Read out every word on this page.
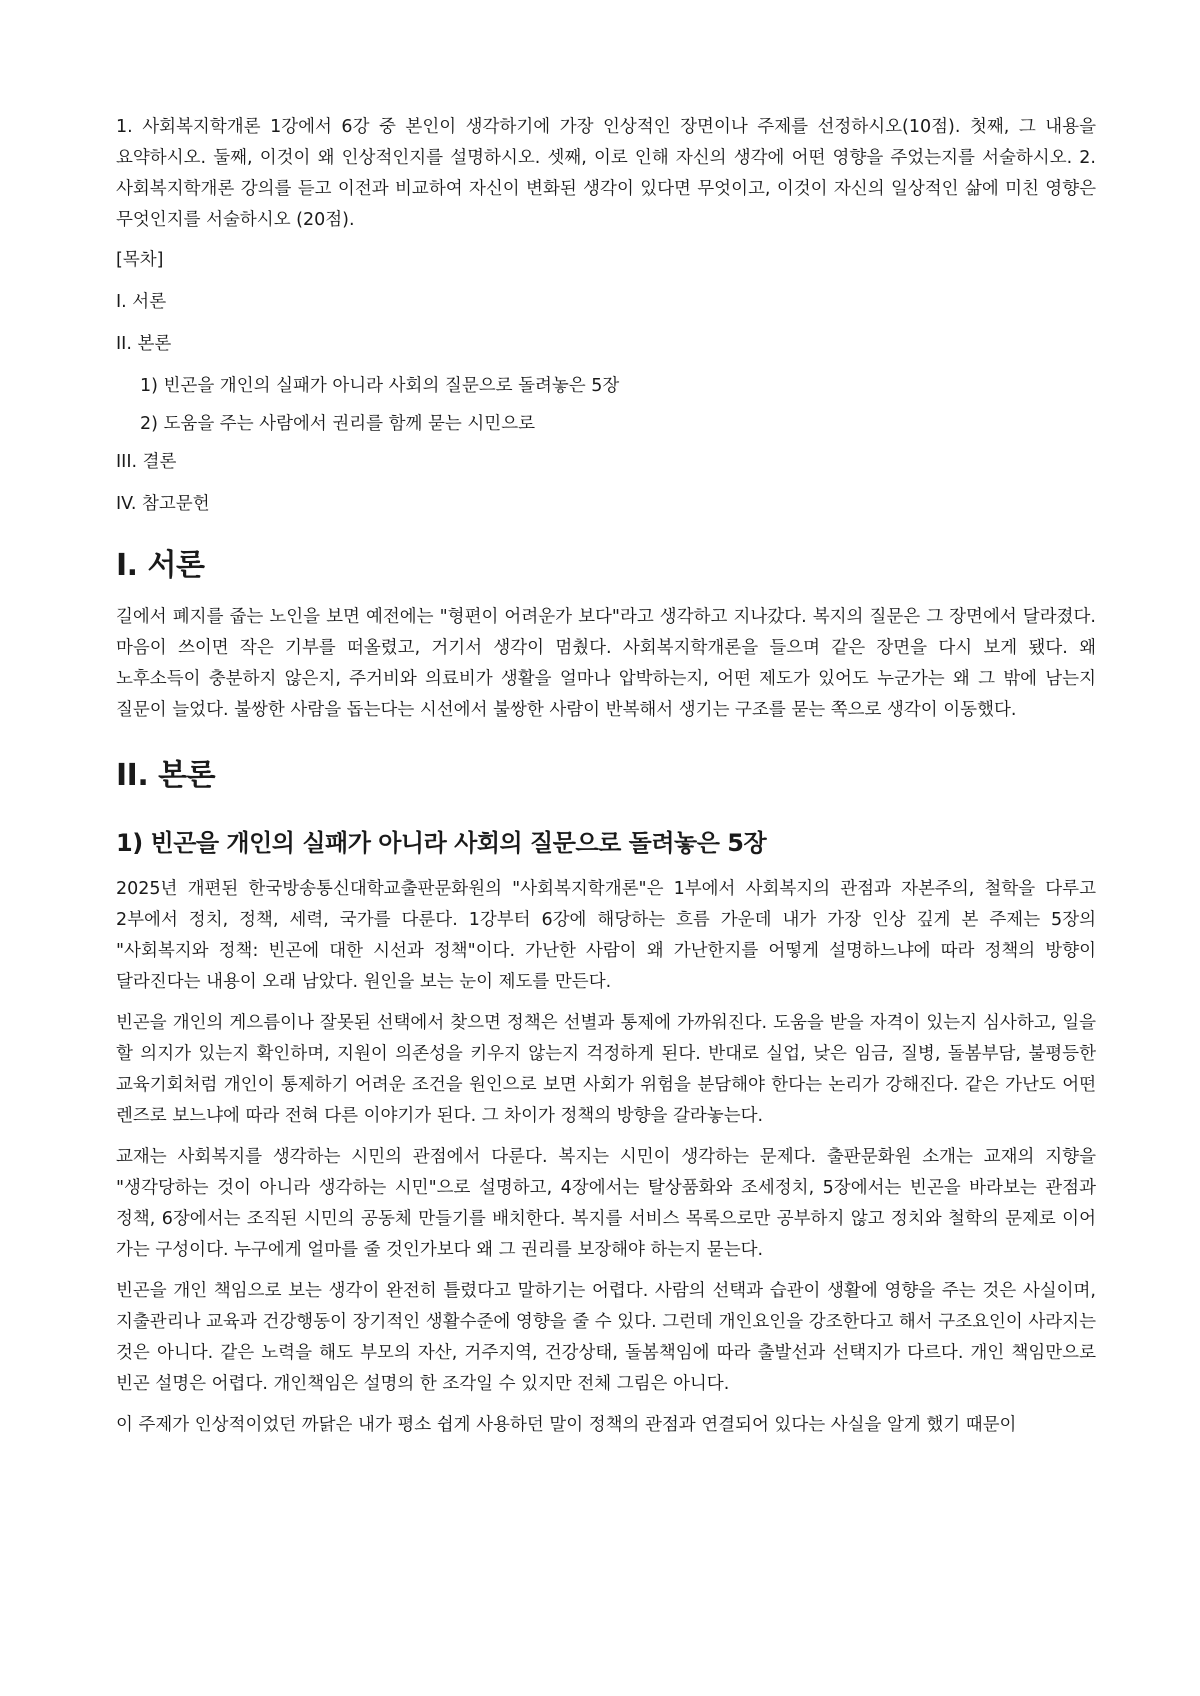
1. 사회복지학개론 1강에서 6강 중 본인이 생각하기에 가장 인상적인 장면이나 주제를 선정하시오(10점). 첫째, 그 내용을 요약하시오. 둘째, 이것이 왜 인상적인지를 설명하시오. 셋째, 이로 인해 자신의 생각에 어떤 영향을 주었는지를 서술하시오. 2. 사회복지학개론 강의를 듣고 이전과 비교하여 자신이 변화된 생각이 있다면 무엇이고, 이것이 자신의 일상적인 삶에 미친 영향은 무엇인지를 서술하시오 (20점).

[목차]

I. 서론

II. 본론

1) 빈곤을 개인의 실패가 아니라 사회의 질문으로 돌려놓은 5장

2) 도움을 주는 사람에서 권리를 함께 묻는 시민으로

III. 결론

IV. 참고문헌

I. 서론

길에서 폐지를 줍는 노인을 보면 예전에는 "형편이 어려운가 보다"라고 생각하고 지나갔다. 복지의 질문은 그 장면에서 달라졌다. 마음이 쓰이면 작은 기부를 떠올렸고, 거기서 생각이 멈췄다. 사회복지학개론을 들으며 같은 장면을 다시 보게 됐다. 왜 노후소득이 충분하지 않은지, 주거비와 의료비가 생활을 얼마나 압박하는지, 어떤 제도가 있어도 누군가는 왜 그 밖에 남는지 질문이 늘었다. 불쌍한 사람을 돕는다는 시선에서 불쌍한 사람이 반복해서 생기는 구조를 묻는 쪽으로 생각이 이동했다.

II. 본론
1) 빈곤을 개인의 실패가 아니라 사회의 질문으로 돌려놓은 5장

2025년 개편된 한국방송통신대학교출판문화원의 "사회복지학개론"은 1부에서 사회복지의 관점과 자본주의, 철학을 다루고 2부에서 정치, 정책, 세력, 국가를 다룬다. 1강부터 6강에 해당하는 흐름 가운데 내가 가장 인상 깊게 본 주제는 5장의 "사회복지와 정책: 빈곤에 대한 시선과 정책"이다. 가난한 사람이 왜 가난한지를 어떻게 설명하느냐에 따라 정책의 방향이 달라진다는 내용이 오래 남았다. 원인을 보는 눈이 제도를 만든다.

빈곤을 개인의 게으름이나 잘못된 선택에서 찾으면 정책은 선별과 통제에 가까워진다. 도움을 받을 자격이 있는지 심사하고, 일을 할 의지가 있는지 확인하며, 지원이 의존성을 키우지 않는지 걱정하게 된다. 반대로 실업, 낮은 임금, 질병, 돌봄부담, 불평등한 교육기회처럼 개인이 통제하기 어려운 조건을 원인으로 보면 사회가 위험을 분담해야 한다는 논리가 강해진다. 같은 가난도 어떤 렌즈로 보느냐에 따라 전혀 다른 이야기가 된다. 그 차이가 정책의 방향을 갈라놓는다.

교재는 사회복지를 생각하는 시민의 관점에서 다룬다. 복지는 시민이 생각하는 문제다. 출판문화원 소개는 교재의 지향을 "생각당하는 것이 아니라 생각하는 시민"으로 설명하고, 4장에서는 탈상품화와 조세정치, 5장에서는 빈곤을 바라보는 관점과 정책, 6장에서는 조직된 시민의 공동체 만들기를 배치한다. 복지를 서비스 목록으로만 공부하지 않고 정치와 철학의 문제로 이어 가는 구성이다. 누구에게 얼마를 줄 것인가보다 왜 그 권리를 보장해야 하는지 묻는다.

빈곤을 개인 책임으로 보는 생각이 완전히 틀렸다고 말하기는 어렵다. 사람의 선택과 습관이 생활에 영향을 주는 것은 사실이며, 지출관리나 교육과 건강행동이 장기적인 생활수준에 영향을 줄 수 있다. 그런데 개인요인을 강조한다고 해서 구조요인이 사라지는 것은 아니다. 같은 노력을 해도 부모의 자산, 거주지역, 건강상태, 돌봄책임에 따라 출발선과 선택지가 다르다. 개인 책임만으로 빈곤 설명은 어렵다. 개인책임은 설명의 한 조각일 수 있지만 전체 그림은 아니다.

이 주제가 인상적이었던 까닭은 내가 평소 쉽게 사용하던 말이 정책의 관점과 연결되어 있다는 사실을 알게 했기 때문이
